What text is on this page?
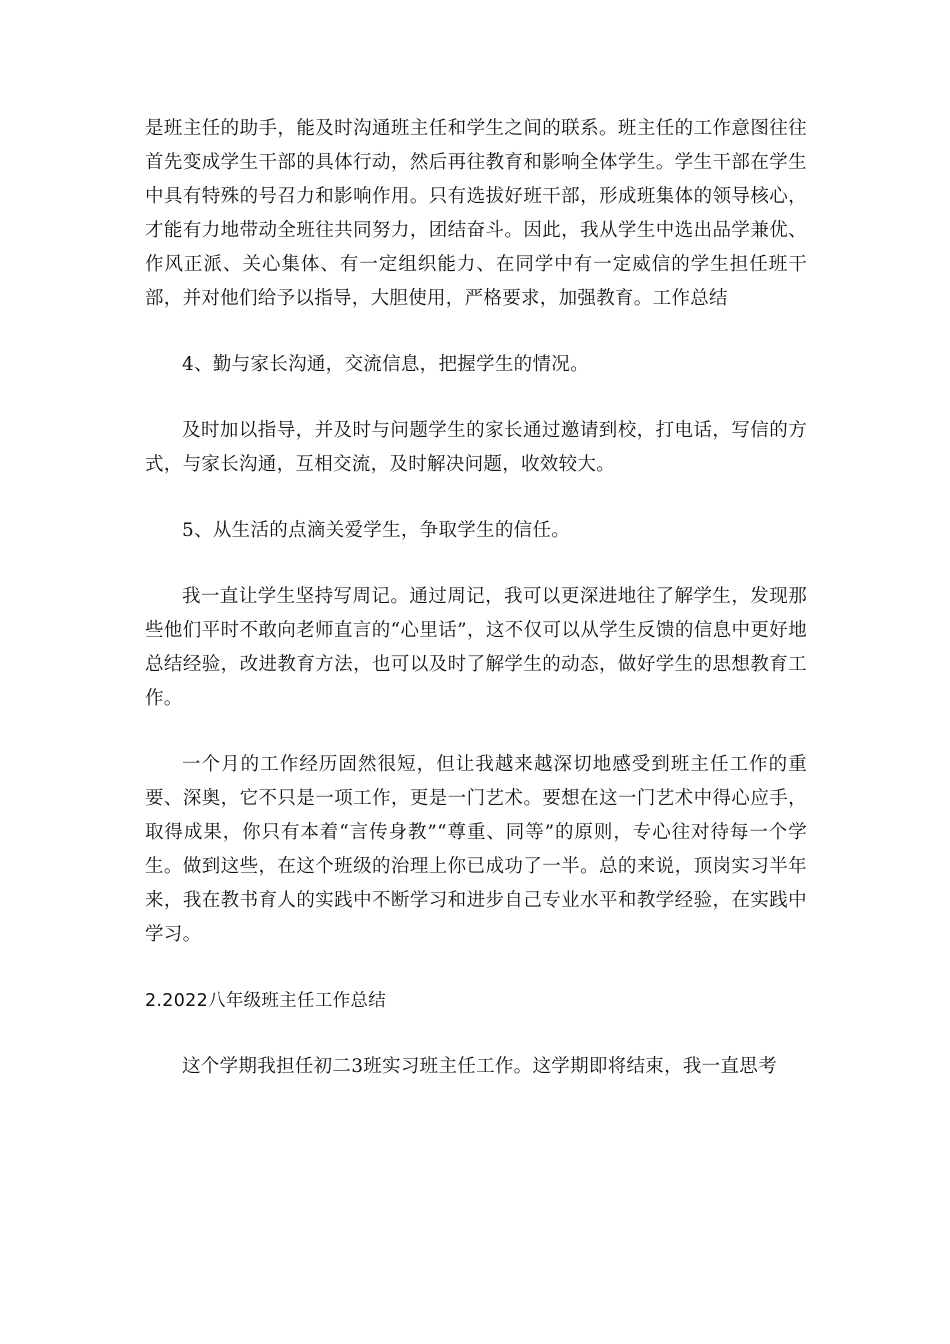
是班主任的助手，能及时沟通班主任和学生之间的联系。班主任的工作意图往往首先变成学生干部的具体行动，然后再往教育和影响全体学生。学生干部在学生中具有特殊的号召力和影响作用。只有选拔好班干部，形成班集体的领导核心，才能有力地带动全班往共同努力，团结奋斗。因此，我从学生中选出品学兼优、作风正派、关心集体、有一定组织能力、在同学中有一定威信的学生担任班干部，并对他们给予以指导，大胆使用，严格要求，加强教育。工作总结

4、勤与家长沟通，交流信息，把握学生的情况。

及时加以指导，并及时与问题学生的家长通过邀请到校，打电话，写信的方式，与家长沟通，互相交流，及时解决问题，收效较大。

5、从生活的点滴关爱学生，争取学生的信任。

我一直让学生坚持写周记。通过周记，我可以更深进地往了解学生，发现那些他们平时不敢向老师直言的“心里话”，这不仅可以从学生反馈的信息中更好地总结经验，改进教育方法，也可以及时了解学生的动态，做好学生的思想教育工作。

一个月的工作经历固然很短，但让我越来越深切地感受到班主任工作的重要、深奥，它不只是一项工作，更是一门艺术。要想在这一门艺术中得心应手，取得成果，你只有本着“言传身教”“尊重、同等”的原则，专心往对待每一个学生。做到这些，在这个班级的治理上你已成功了一半。总的来说，顶岗实习半年来，我在教书育人的实践中不断学习和进步自己专业水平和教学经验，在实践中学习。

2.2022八年级班主任工作总结

这个学期我担任初二3班实习班主任工作。这学期即将结束，我一直思考
